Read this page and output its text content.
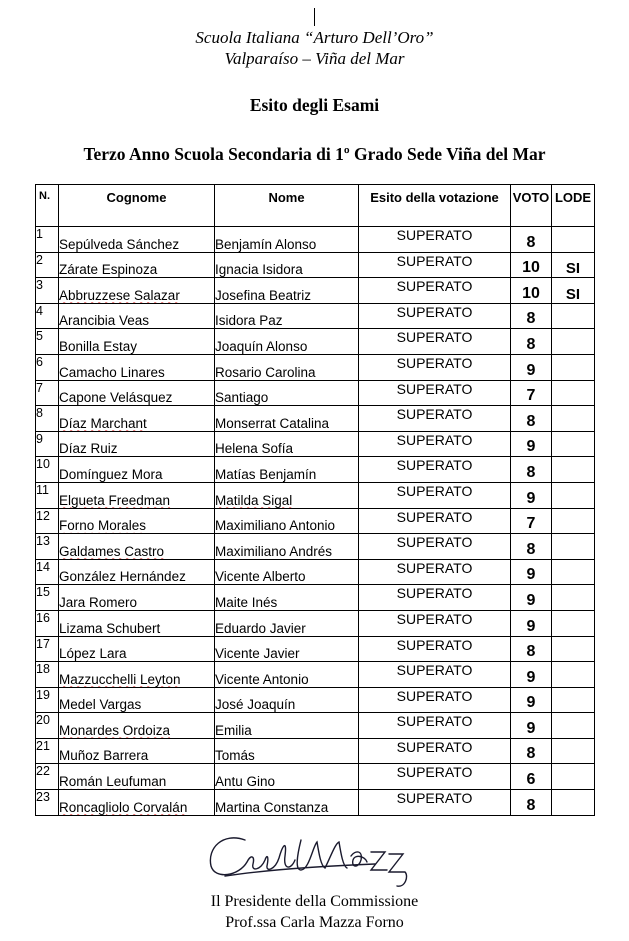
Scuola Italiana “Arturo Dell’Oro”
Valparaíso – Viña del Mar
Esito degli Esami
Terzo Anno Scuola Secondaria di 1º Grado Sede Viña del Mar
N.	Cognome	Nome	Esito della votazione	VOTO	LODE
1	Sepúlveda Sánchez	Benjamín Alonso	SUPERATO	8	
2	Zárate Espinoza	Ignacia Isidora	SUPERATO	10	SI
3	Abbruzzese Salazar	Josefina Beatriz	SUPERATO	10	SI
4	Arancibia Veas	Isidora Paz	SUPERATO	8	
5	Bonilla Estay	Joaquín Alonso	SUPERATO	8	
6	Camacho Linares	Rosario Carolina	SUPERATO	9	
7	Capone Velásquez	Santiago	SUPERATO	7	
8	Díaz Marchant	Monserrat Catalina	SUPERATO	8	
9	Díaz Ruiz	Helena Sofía	SUPERATO	9	
10	Domínguez Mora	Matías Benjamín	SUPERATO	8	
11	Elgueta Freedman	Matilda Sigal	SUPERATO	9	
12	Forno Morales	Maximiliano Antonio	SUPERATO	7	
13	Galdames Castro	Maximiliano Andrés	SUPERATO	8	
14	González Hernández	Vicente Alberto	SUPERATO	9	
15	Jara Romero	Maite Inés	SUPERATO	9	
16	Lizama Schubert	Eduardo Javier	SUPERATO	9	
17	López Lara	Vicente Javier	SUPERATO	8	
18	Mazzucchelli Leyton	Vicente Antonio	SUPERATO	9	
19	Medel Vargas	José Joaquín	SUPERATO	9	
20	Monardes Ordoiza	Emilia	SUPERATO	9	
21	Muñoz Barrera	Tomás	SUPERATO	8	
22	Román Leufuman	Antu Gino	SUPERATO	6	
23	Roncagliolo Corvalán	Martina Constanza	SUPERATO	8	
Il Presidente della Commissione
Prof.ssa Carla Mazza Forno
